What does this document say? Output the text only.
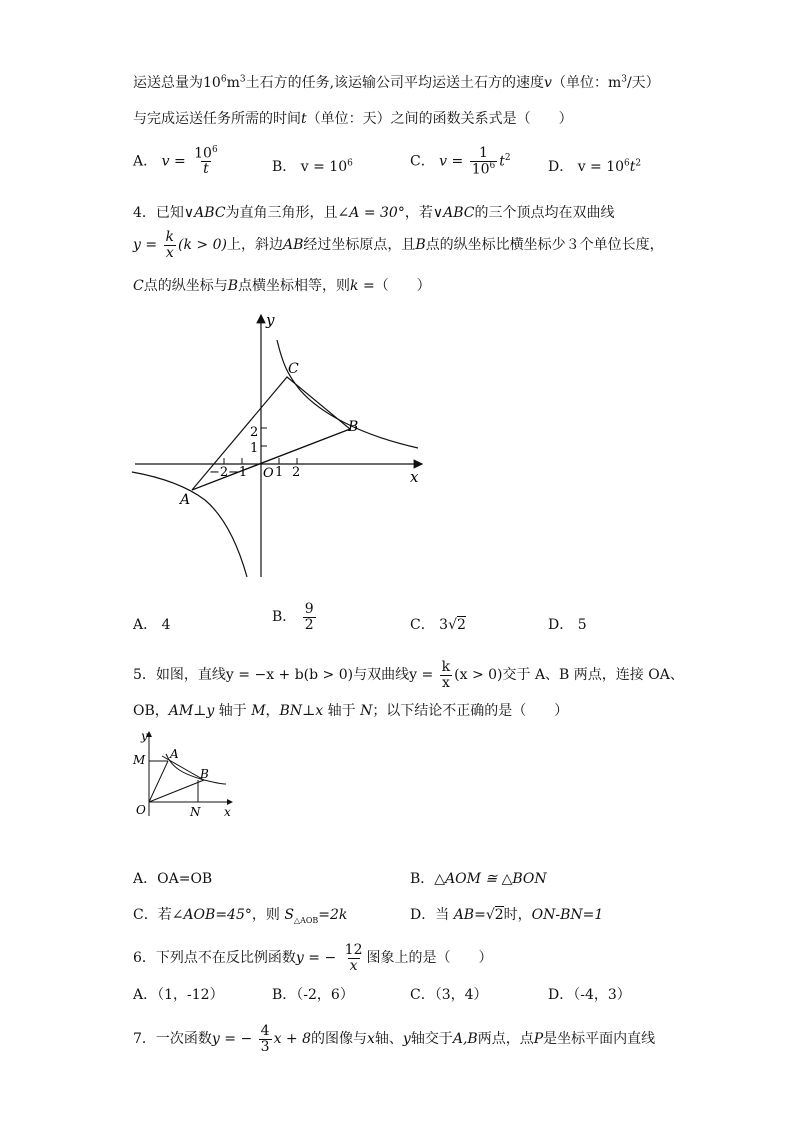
运送总量为$10^6m^3$土石方的任务,该运输公司平均运送土石方的速度v（单位：$m^3/$天）
与完成运送任务所需的时间t（单位：天）之间的函数关系式是（　　）
A． $v = \frac{10^6}{t}$	B． $v = 10^6$	C． $v = \frac{1}{10^6} t^2$
D． $v = 10^6t^2$
4．已知∨ABC为直角三角形，且∠A = 30°，若∨ABC的三个顶点均在双曲线
$y = \frac{k}{x} (k > 0)$上，斜边AB经过坐标原点，且B点的纵坐标比横坐标少３个单位长度，
C点的纵坐标与B点横坐标相等，则k =（　　）
y
x
O
A
B
C
−2 −1 1 2
2
1
A． 4	B． $\frac{9}{2}$	C． 3√2	D． 5
5．如图，直线y = −x + b(b > 0)与双曲线$y = \frac{k}{x} (x > 0)$交于 A、B 两点，连接 OA、
OB，AM⊥y 轴于 M，BN⊥x 轴于 N；以下结论不正确的是（　　）
y
x
O
A
B
M
N
A．OA=OB	B．△AOM ≅ △BON
C．若∠AOB=45°，则 $S_{\triangle AOB}=2k$	D．当 AB=√2时，ON-BN=1
6．下列点不在反比例函数y = − $\frac{12}{x}$ 图象上的是（　　）
A．（1，-12）	B．（-2，6）	C．（3，4）	D．（-4，3）
7．一次函数y = − $\frac{4}{3}$ x + 8的图像与x轴、y轴交于A,B两点，点P是坐标平面内直线
